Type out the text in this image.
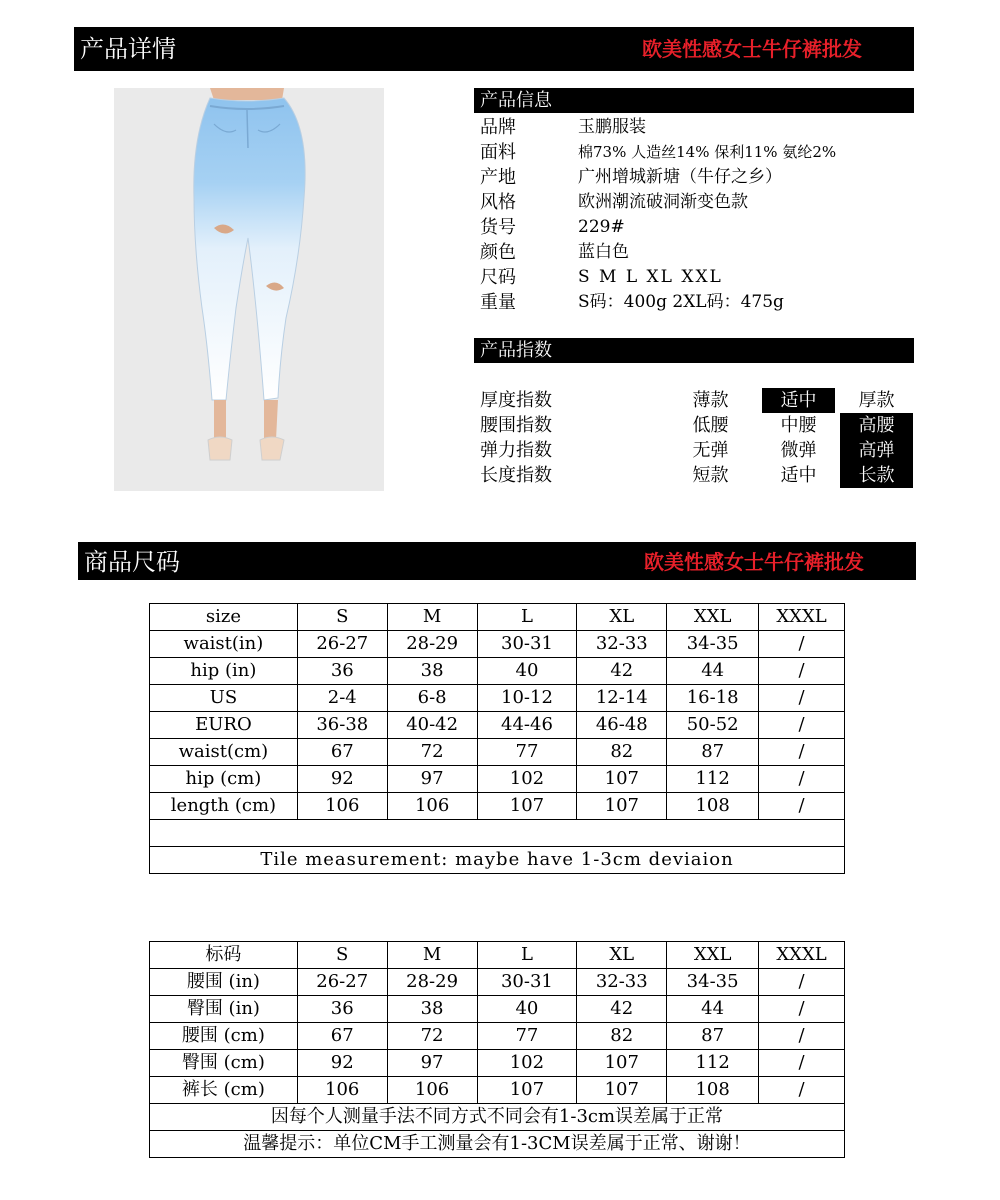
产品详情	欧美性感女士牛仔裤批发
产品信息
品牌	玉鹏服装
面料	棉73% 人造丝14% 保利11% 氨纶2%
产地	广州增城新塘（牛仔之乡）
风格	欧洲潮流破洞渐变色款
货号	229#
颜色	蓝白色
尺码	S M L XL XXL
重量	S码：400g 2XL码：475g
产品指数
厚度指数	薄款	适中	厚款
腰围指数	低腰	中腰	高腰
弹力指数	无弹	微弹	高弹
长度指数	短款	适中	长款
商品尺码	欧美性感女士牛仔裤批发
size	S	M	L	XL	XXL	XXXL
waist(in)	26-27	28-29	30-31	32-33	34-35	/
hip (in)	36	38	40	42	44	/
US	2-4	6-8	10-12	12-14	16-18	/
EURO	36-38	40-42	44-46	46-48	50-52	/
waist(cm)	67	72	77	82	87	/
hip (cm)	92	97	102	107	112	/
length (cm)	106	106	107	107	108	/

Tile measurement: maybe have 1-3cm deviaion						
标码	S	M	L	XL	XXL	XXXL
腰围 (in)	26-27	28-29	30-31	32-33	34-35	/
臀围 (in)	36	38	40	42	44	/
腰围 (cm)	67	72	77	82	87	/
臀围 (cm)	92	97	102	107	112	/
裤长 (cm)	106	106	107	107	108	/
因每个人测量手法不同方式不同会有1-3cm误差属于正常						
温馨提示：单位CM手工测量会有1-3CM误差属于正常、谢谢！						
